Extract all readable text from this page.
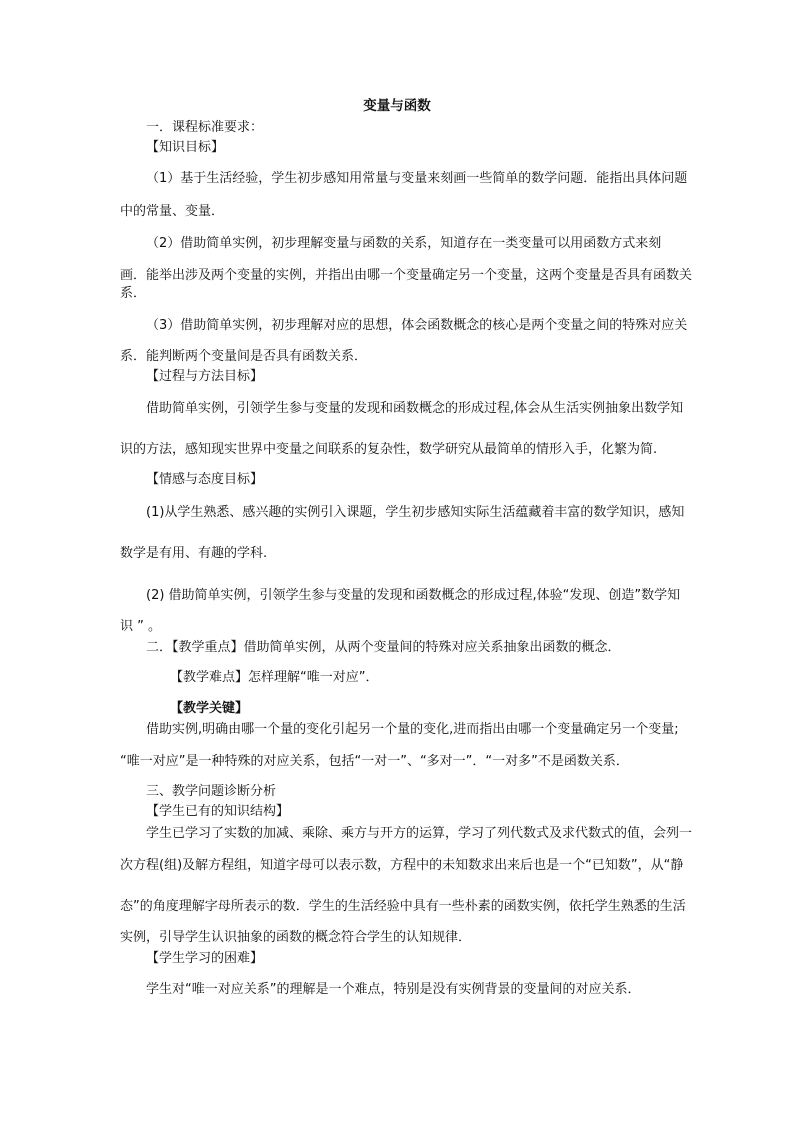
变量与函数

一．课程标准要求：

【知识目标】

（1）基于生活经验，学生初步感知用常量与变量来刻画一些简单的数学问题．能指出具体问题

中的常量、变量．

（2）借助简单实例，初步理解变量与函数的关系，知道存在一类变量可以用函数方式来刻

画．能举出涉及两个变量的实例，并指出由哪一个变量确定另一个变量，这两个变量是否具有函数关

系．

（3）借助简单实例，初步理解对应的思想，体会函数概念的核心是两个变量之间的特殊对应关

系．能判断两个变量间是否具有函数关系．

【过程与方法目标】

借助简单实例，引领学生参与变量的发现和函数概念的形成过程,体会从生活实例抽象出数学知

识的方法，感知现实世界中变量之间联系的复杂性，数学研究从最简单的情形入手，化繁为简.

【情感与态度目标】

(1)从学生熟悉、感兴趣的实例引入课题，学生初步感知实际生活蕴藏着丰富的数学知识，感知

数学是有用、有趣的学科.

(2) 借助简单实例，引领学生参与变量的发现和函数概念的形成过程,体验“发现、创造”数学知

识 ” 。

二．【教学重点】借助简单实例，从两个变量间的特殊对应关系抽象出函数的概念．

【教学难点】怎样理解“唯一对应”．

【教学关键】

借助实例,明确由哪一个量的变化引起另一个量的变化,进而指出由哪一个变量确定另一个变量;

“唯一对应”是一种特殊的对应关系，包括“一对一”、“多对一”．“一对多”不是函数关系．

三、教学问题诊断分析

【学生已有的知识结构】

学生已学习了实数的加减、乘除、乘方与开方的运算，学习了列代数式及求代数式的值，会列一

次方程(组)及解方程组，知道字母可以表示数，方程中的未知数求出来后也是一个“已知数”，从“静

态”的角度理解字母所表示的数．学生的生活经验中具有一些朴素的函数实例，依托学生熟悉的生活

实例，引导学生认识抽象的函数的概念符合学生的认知规律．

【学生学习的困难】

学生对“唯一对应关系”的理解是一个难点，特别是没有实例背景的变量间的对应关系．
